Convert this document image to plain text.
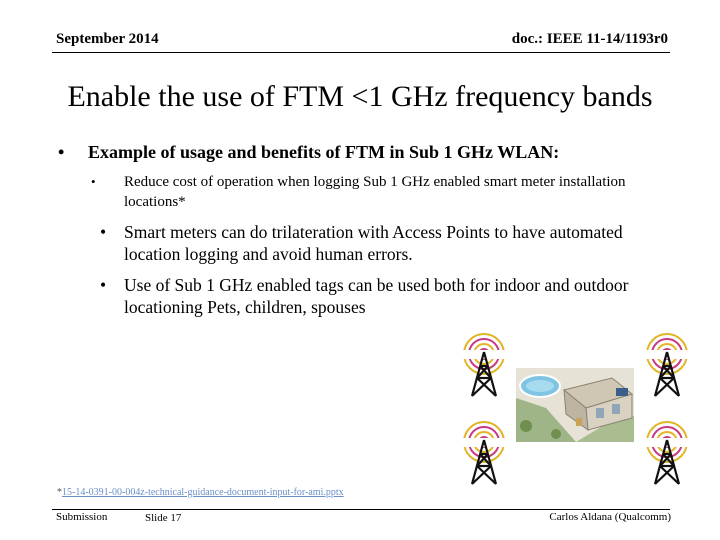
September 2014	doc.: IEEE 11-14/1193r0
Enable the use of FTM <1 GHz frequency bands
•	Example of usage and benefits of FTM in Sub 1 GHz WLAN:
•	Reduce cost of operation when logging Sub 1 GHz enabled smart meter installation locations*
•	Smart meters can do trilateration with Access Points to have automated location logging and avoid human errors.
•	Use of Sub 1 GHz enabled tags can be used both for indoor and outdoor locationing Pets, children, spouses
*15-14-0391-00-004z-technical-guidance-document-input-for-ami.pptx
Submission	Slide 17	Carlos Aldana (Qualcomm)
